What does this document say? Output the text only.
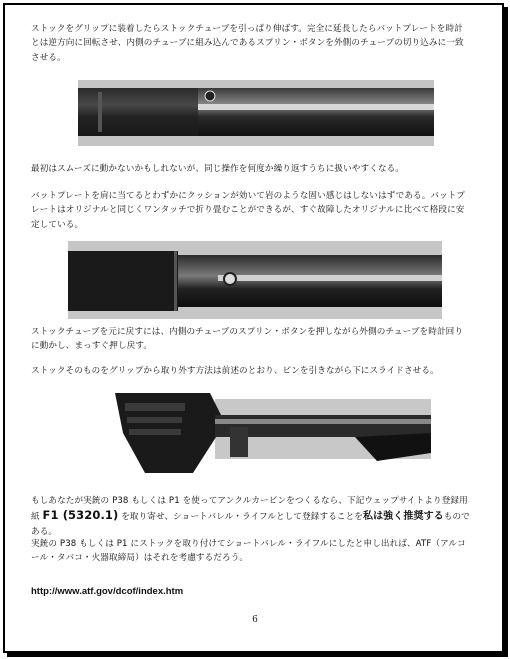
ストックをグリップに装着したらストックチューブを引っぱり伸ばす。完全に延長したらバットプレートを時計とは逆方向に回転させ、内側のチューブに組み込んであるスプリン・ボタンを外側のチューブの切り込みに一致させる。

最初はスムーズに動かないかもしれないが、同じ操作を何度か繰り返すうちに扱いやすくなる。

バットプレートを肩に当てるとわずかにクッションが効いて岩のような固い感じはしないはずである。バットプレートはオリジナルと同じくワンタッチで折り畳むことができるが、すぐ故障したオリジナルに比べて格段に安定している。

ストックチューブを元に戻すには、内側のチューブのスプリン・ボタンを押しながら外側のチューブを時計回りに動かし、まっすぐ押し戻す。

ストックそのものをグリップから取り外す方法は前述のとおり、ピンを引きながら下にスライドさせる。

もしあなたが実銃の P38 もしくは P1 を使ってアンクルカービンをつくるなら、下記ウェップサイトより登録用紙 F1 (5320.1) を取り寄せ、ショートバレル・ライフルとして登録することを私は強く推奨するものである。

実銃の P38 もしくは P1 にストックを取り付けてショートバレル・ライフルにしたと申し出れば、ATF（アルコール・タバコ・火器取締局）はそれを考慮するだろう。

http://www.atf.gov/dcof/index.htm
6
